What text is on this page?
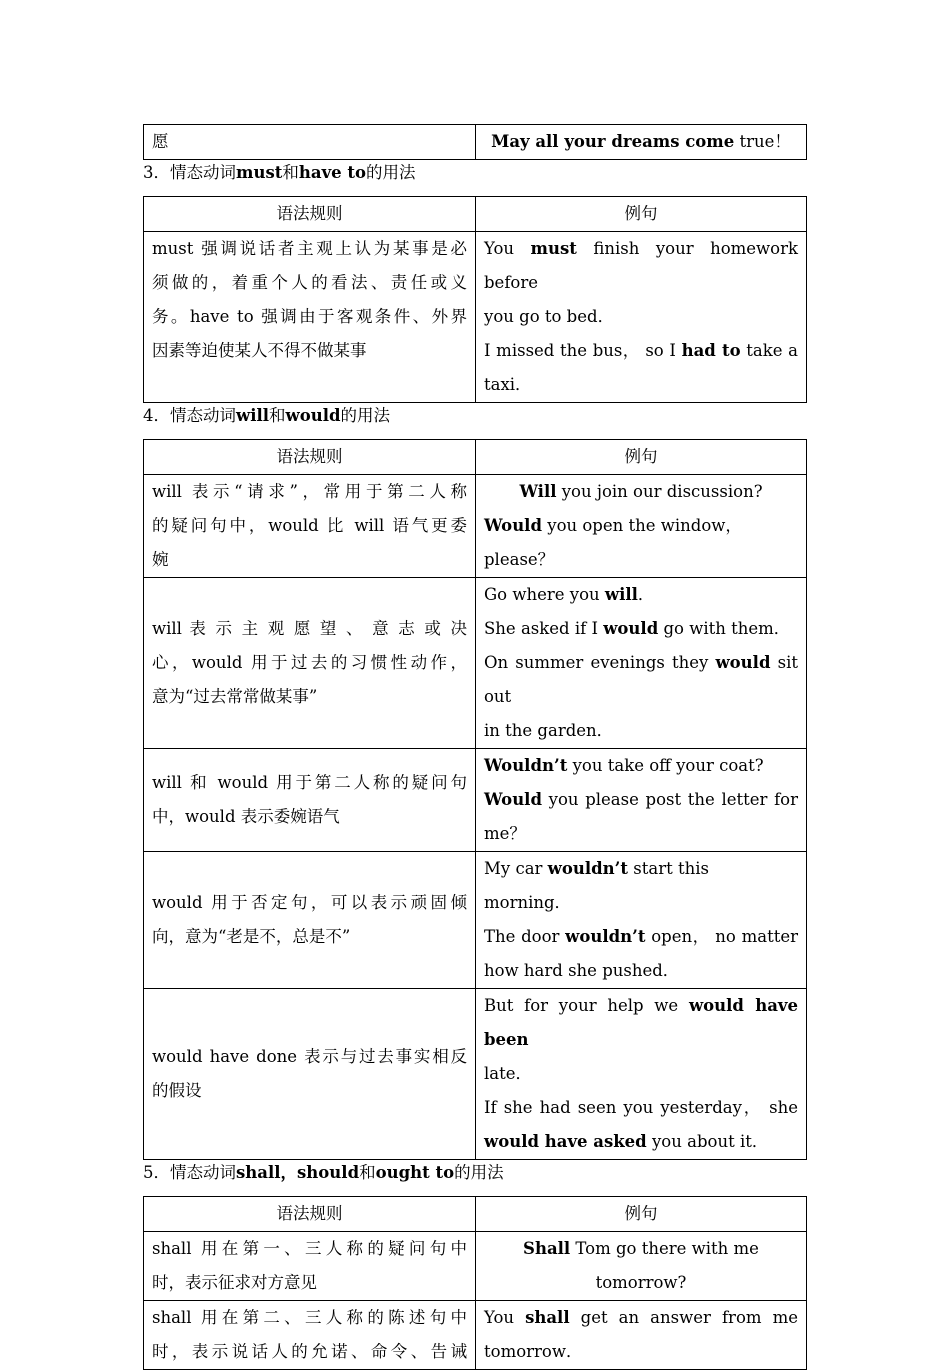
愿	May all your dreams come true！
3．情态动词must和have to的用法
语法规则	例句

must 强调说话者主观上认为某事是必
须做的，着重个人的看法、责任或义
务。have to 强调由于客观条件、外界
因素等迫使某人不得不做某事	You must finish your homework before
you go to bed．
I missed the bus， so I had to take a
taxi．
4．情态动词will和would的用法
语法规则	例句

will 表示“请求”，常用于第二人称
的疑问句中，would 比 will 语气更委
婉	Will you join our discussion?
Would you open the window，please？

will 表 示 主 观 愿 望 、 意 志 或 决
心，would 用于过去的习惯性动作，
意为“过去常常做某事”	Go where you will．
She asked if I would go with them．
On summer evenings they would sit out
in the garden．

will 和 would 用于第二人称的疑问句
中，would 表示委婉语气	Wouldn’t you take off your coat?
Would you please post the letter for
me？

would 用于否定句，可以表示顽固倾
向，意为“老是不，总是不”	My car wouldn’t start this morning．
The door wouldn’t open， no matter
how hard she pushed．

would have done 表示与过去事实相反
的假设	But for your help we would have been
late．
If she had seen you yesterday， she
would have asked you about it．
5．情态动词shall，should和ought to的用法
语法规则	例句

shall 用在第一、三人称的疑问句中
时，表示征求对方意见	Shall Tom go there with me tomorrow?

shall 用在第二、三人称的陈述句中
时，表示说话人的允诺、命令、告诫	You shall get an answer from me
tomorrow．
